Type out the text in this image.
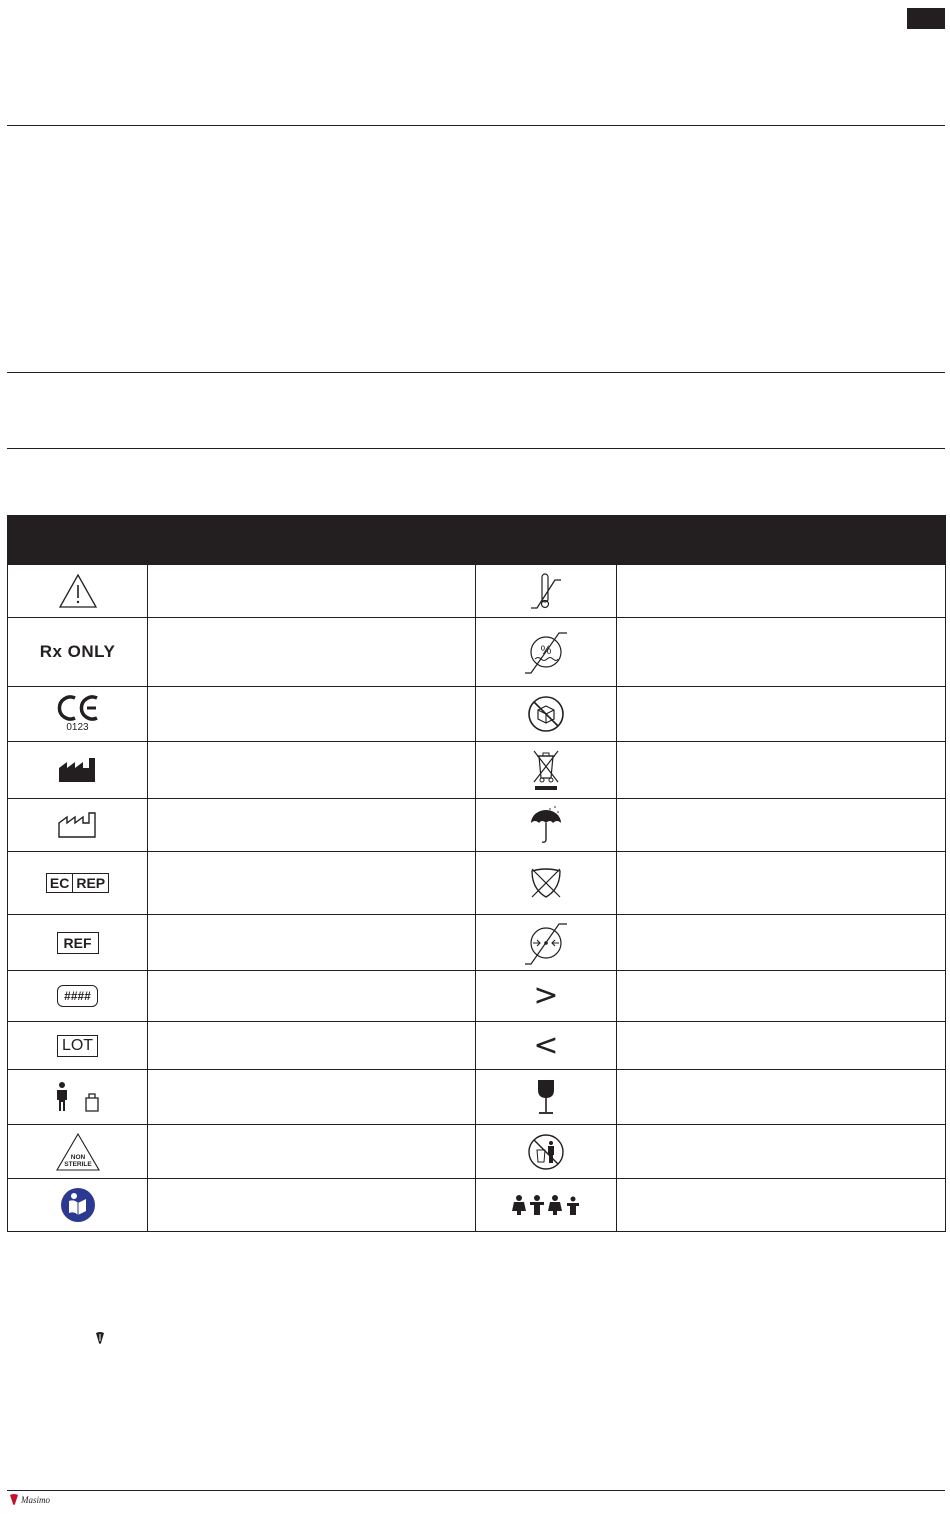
Rx ONLY		%	

0123

EC REP

REF		

####		>	
LOT		<	

NON
STERILE

Masimo
